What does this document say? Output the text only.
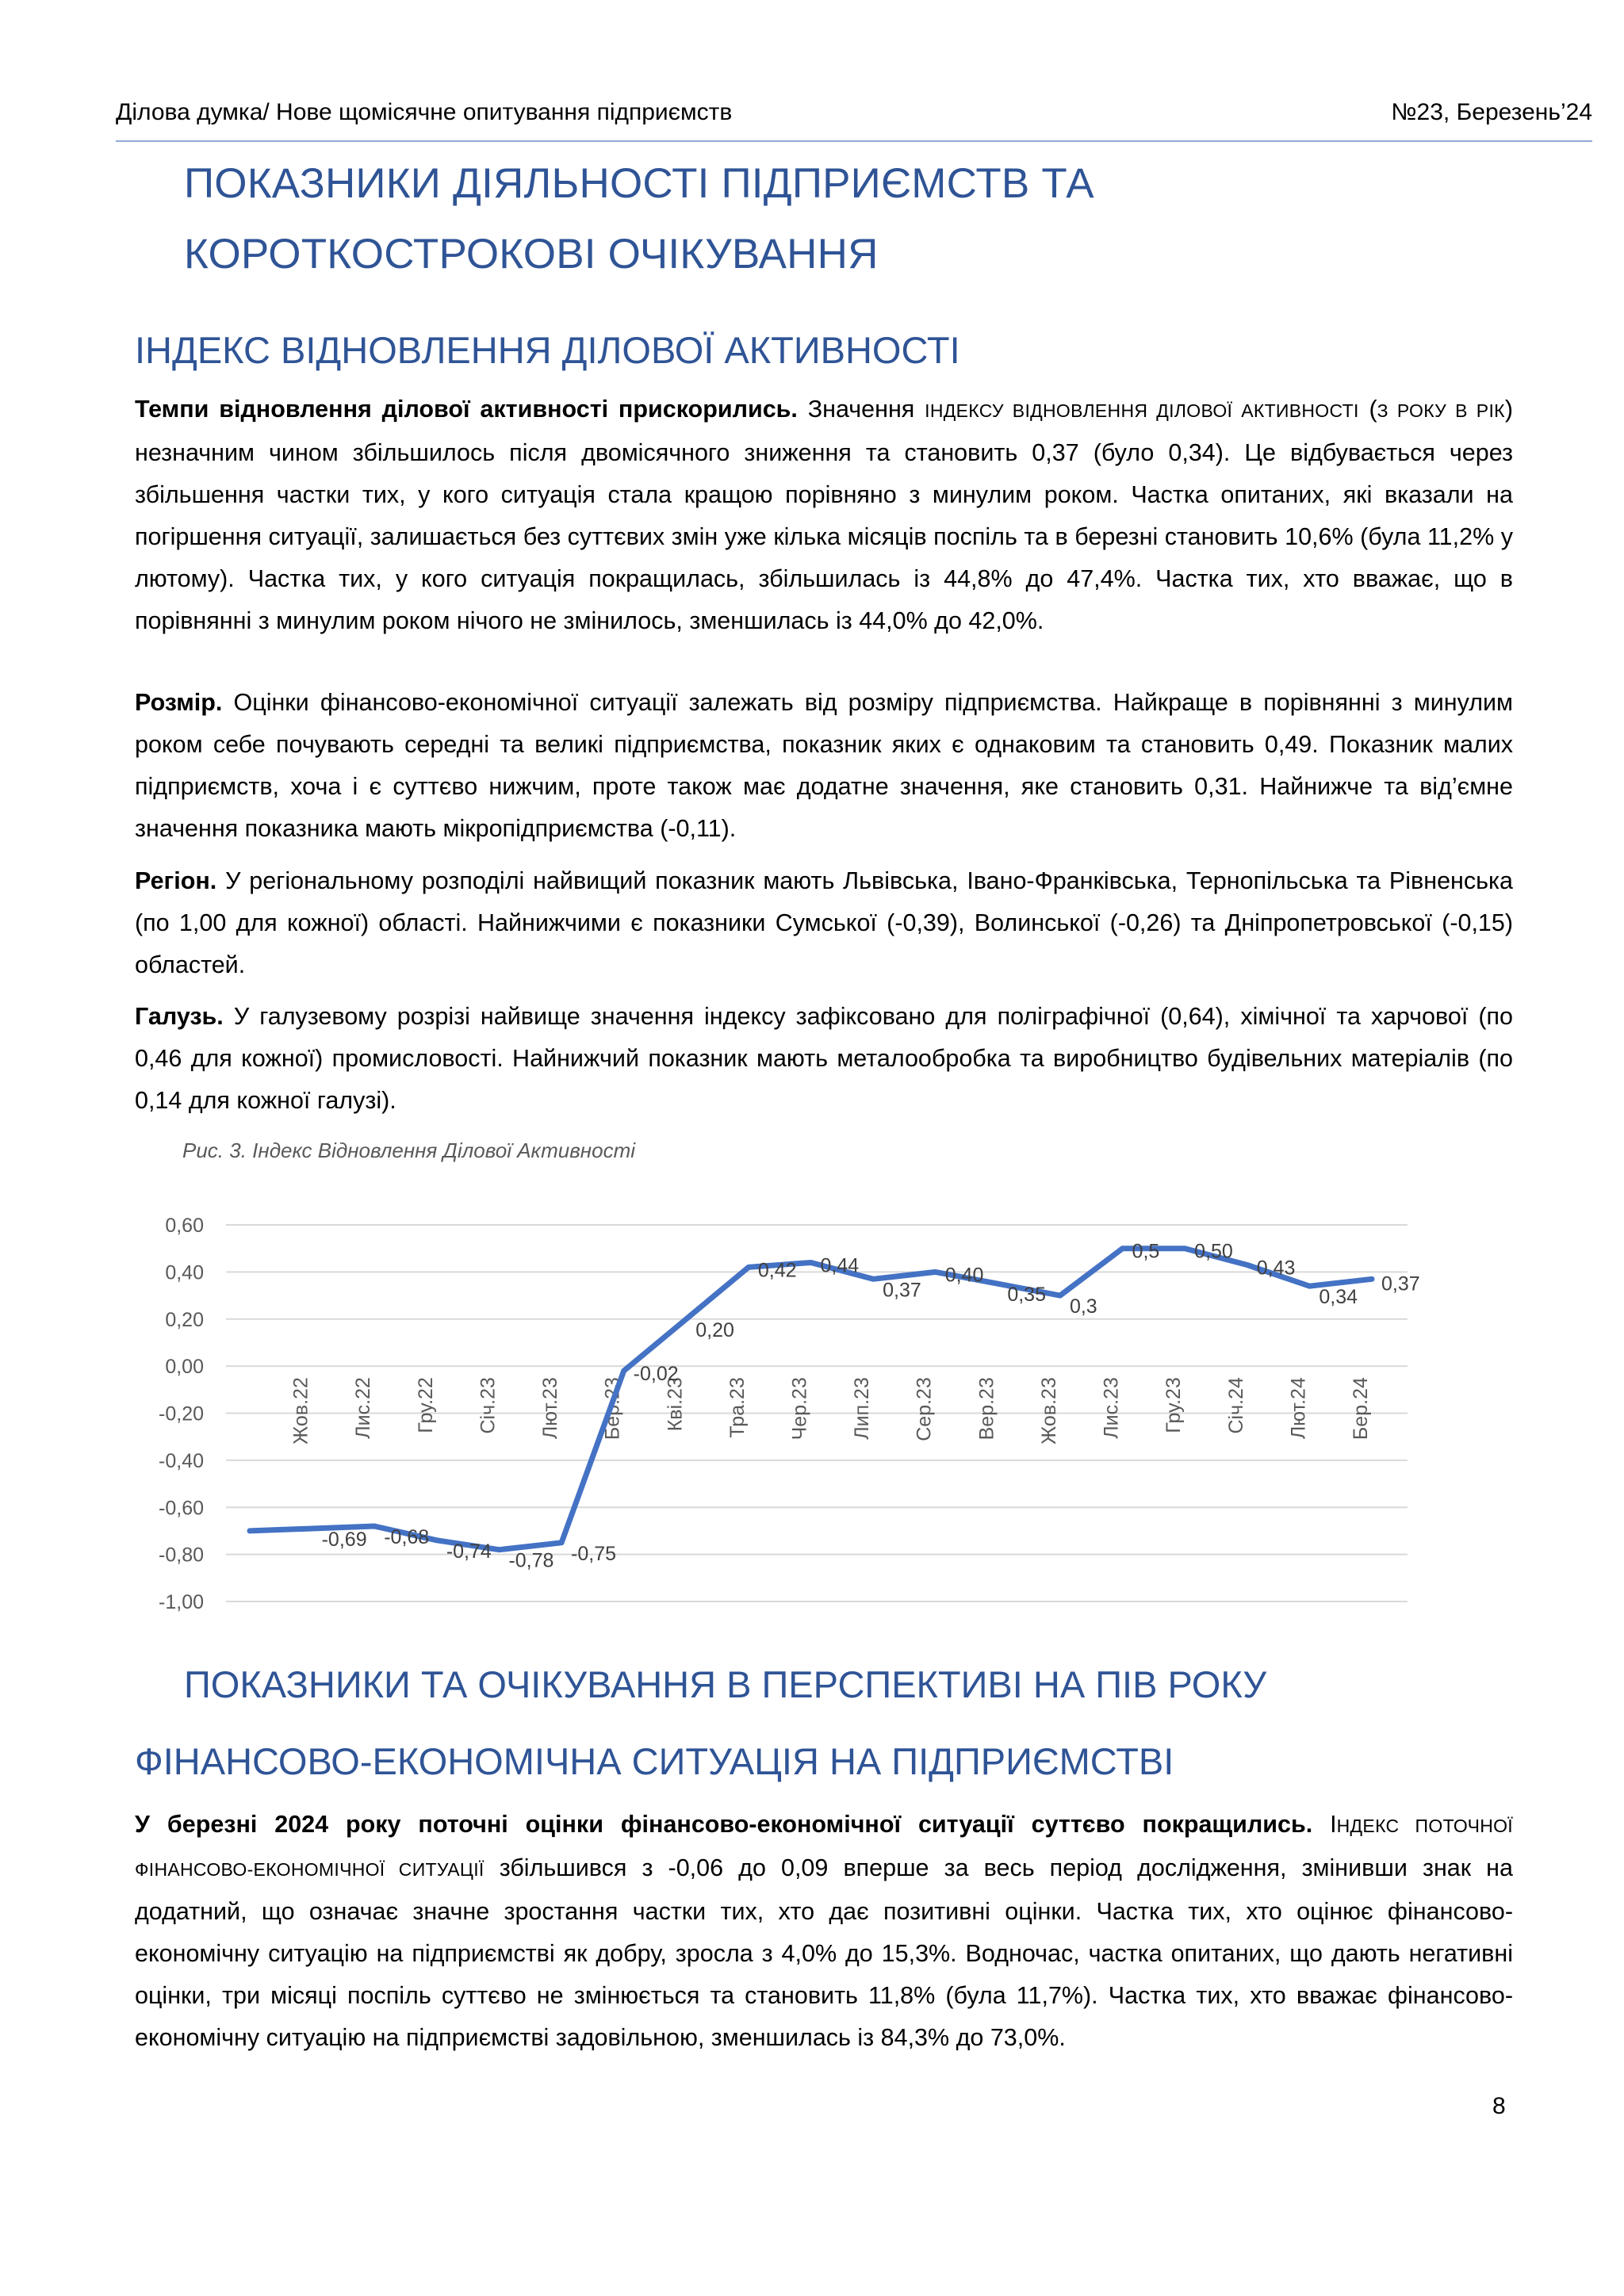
Ділова думка/ Нове щомісячне опитування підприємств	№23, Березень’24
ПОКАЗНИКИ ДІЯЛЬНОСТІ ПІДПРИЄМСТВ ТА
КОРОТКОСТРОКОВІ ОЧІКУВАННЯ
ІНДЕКС ВІДНОВЛЕННЯ ДІЛОВОЇ АКТИВНОСТІ

Темпи відновлення ділової активності прискорились. Значення ІНДЕКСУ ВІДНОВЛЕННЯ ДІЛОВОЇ АКТИВНОСТІ (З РОКУ В РІК) незначним чином збільшилось після двомісячного зниження та становить 0,37 (було 0,34). Це відбувається через збільшення частки тих, у кого ситуація стала кращою порівняно з минулим роком. Частка опитаних, які вказали на погіршення ситуації, залишається без суттєвих змін уже кілька місяців поспіль та в березні становить 10,6% (була 11,2% у лютому). Частка тих, у кого ситуація покращилась, збільшилась із 44,8% до 47,4%. Частка тих, хто вважає, що в порівнянні з минулим роком нічого не змінилось, зменшилась із 44,0% до 42,0%.

Розмір. Оцінки фінансово-економічної ситуації залежать від розміру підприємства. Найкраще в порівнянні з минулим роком себе почувають середні та великі підприємства, показник яких є однаковим та становить 0,49. Показник малих підприємств, хоча і є суттєво нижчим, проте також має додатне значення, яке становить 0,31. Найнижче та від’ємне значення показника мають мікропідприємства (-0,11).

Регіон. У регіональному розподілі найвищий показник мають Львівська, Івано-Франківська, Тернопільська та Рівненська (по 1,00 для кожної) області. Найнижчими є показники Сумської (-0,39), Волинської (-0,26) та Дніпропетровської (-0,15) областей.

Галузь. У галузевому розрізі найвище значення індексу зафіксовано для поліграфічної (0,64), хімічної та харчової (по 0,46 для кожної) промисловості. Найнижчий показник мають металообробка та виробництво будівельних матеріалів (по 0,14 для кожної галузі).

Рис. 3. Індекс Відновлення Ділової Активності
0,60
0,40
0,20
0,00
-0,20
-0,40
-0,60
-0,80
-1,00
Жов.22 Лис.22 Гру.22 Січ.23 Лют.23 Бер.23 Кві.23 Тра.23 Чер.23 Лип.23 Сер.23 Вер.23 Жов.23 Лис.23 Гру.23 Січ.24 Лют.24 Бер.24
-0,69 -0,68
-0,74 -0,78 -0,75
-0,02
0,20
0,42 0,44
0,37
0,40
0,35
0,3
0,5 0,50
0,43
0,34
0,37
ПОКАЗНИКИ ТА ОЧІКУВАННЯ В ПЕРСПЕКТИВІ НА ПІВ РОКУ
ФІНАНСОВО-ЕКОНОМІЧНА СИТУАЦІЯ НА ПІДПРИЄМСТВІ

У березні 2024 року поточні оцінки фінансово-економічної ситуації суттєво покращились. ІНДЕКС ПОТОЧНОЇ ФІНАНСОВО-ЕКОНОМІЧНОЇ СИТУАЦІЇ збільшився з -0,06 до 0,09 вперше за весь період дослідження, змінивши знак на додатний, що означає значне зростання частки тих, хто дає позитивні оцінки. Частка тих, хто оцінює фінансово-економічну ситуацію на підприємстві як добру, зросла з 4,0% до 15,3%. Водночас, частка опитаних, що дають негативні оцінки, три місяці поспіль суттєво не змінюється та становить 11,8% (була 11,7%). Частка тих, хто вважає фінансово-економічну ситуацію на підприємстві задовільною, зменшилась із 84,3% до 73,0%.

8
